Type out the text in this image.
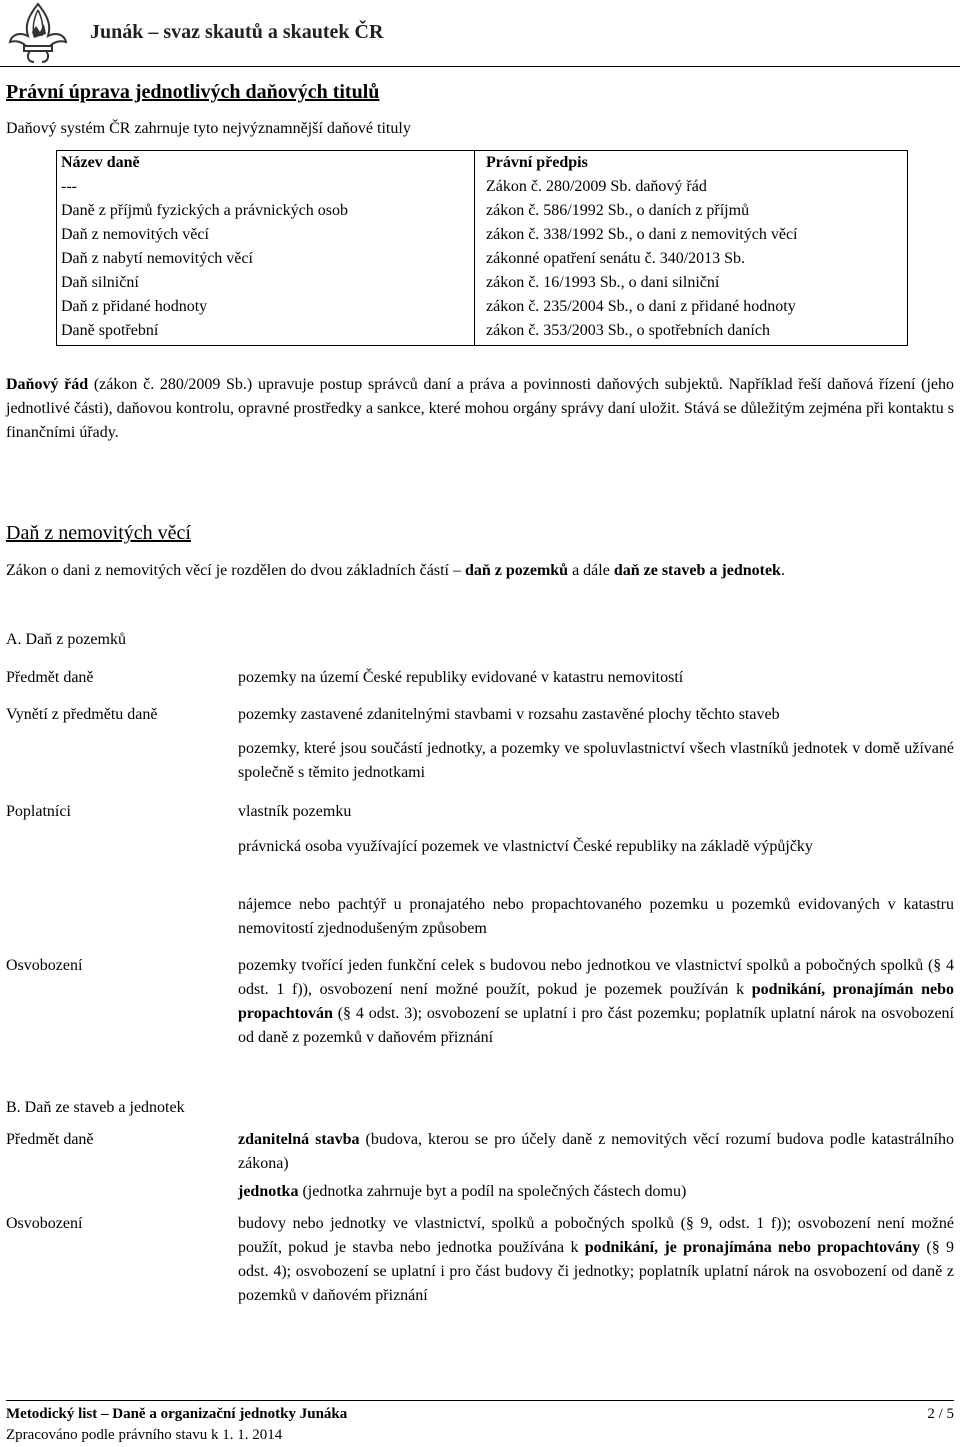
Junák – svaz skautů a skautek ČR
Právní úprava jednotlivých daňových titulů
Daňový systém ČR zahrnuje tyto nejvýznamnější daňové tituly
Název daně	Právní předpis
---	Zákon č. 280/2009 Sb. daňový řád
Daně z příjmů fyzických a právnických osob	zákon č. 586/1992 Sb., o daních z příjmů
Daň z nemovitých věcí	zákon č. 338/1992 Sb., o dani z nemovitých věcí
Daň z nabytí nemovitých věcí	zákonné opatření senátu č. 340/2013 Sb.
Daň silniční	zákon č. 16/1993 Sb., o dani silniční
Daň z přidané hodnoty	zákon č. 235/2004 Sb., o dani z přidané hodnoty
Daně spotřební	zákon č. 353/2003 Sb., o spotřebních daních
Daňový řád (zákon č. 280/2009 Sb.) upravuje postup správců daní a práva a povinnosti daňových subjektů. Například řeší daňová řízení (jeho jednotlivé části), daňovou kontrolu, opravné prostředky a sankce, které mohou orgány správy daní uložit. Stává se důležitým zejména při kontaktu s finančními úřady.
Daň z nemovitých věcí
Zákon o dani z nemovitých věcí je rozdělen do dvou základních částí – daň z pozemků a dále daň ze staveb a jednotek.
A. Daň z pozemků
Předmět daně	pozemky na území České republiky evidované v katastru nemovitostí
Vynětí z předmětu daně	pozemky zastavené zdanitelnými stavbami v rozsahu zastavěné plochy těchto staveb
pozemky, které jsou součástí jednotky, a pozemky ve spoluvlastnictví všech vlastníků jednotek v domě užívané společně s těmito jednotkami
Poplatníci	vlastník pozemku
právnická osoba využívající pozemek ve vlastnictví České republiky na základě výpůjčky
nájemce nebo pachtýř u pronajatého nebo propachtovaného pozemku u pozemků evidovaných v katastru nemovitostí zjednodušeným způsobem
Osvobození	pozemky tvořící jeden funkční celek s budovou nebo jednotkou ve vlastnictví spolků a pobočných spolků (§ 4 odst. 1 f)), osvobození není možné použít, pokud je pozemek používán k podnikání, pronajímán nebo propachtován (§ 4 odst. 3); osvobození se uplatní i pro část pozemku; poplatník uplatní nárok na osvobození od daně z pozemků v daňovém přiznání
B. Daň ze staveb a jednotek
Předmět daně	zdanitelná stavba (budova, kterou se pro účely daně z nemovitých věcí rozumí budova podle katastrálního zákona)
jednotka (jednotka zahrnuje byt a podíl na společných částech domu)
Osvobození	budovy nebo jednotky ve vlastnictví, spolků a pobočných spolků (§ 9, odst. 1 f)); osvobození není možné použít, pokud je stavba nebo jednotka používána k podnikání, je pronajímána nebo propachtovány (§ 9 odst. 4); osvobození se uplatní i pro část budovy či jednotky; poplatník uplatní nárok na osvobození od daně z pozemků v daňovém přiznání
Metodický list – Daně a organizační jednotky Junáka	2 / 5
Zpracováno podle právního stavu k 1. 1. 2014
